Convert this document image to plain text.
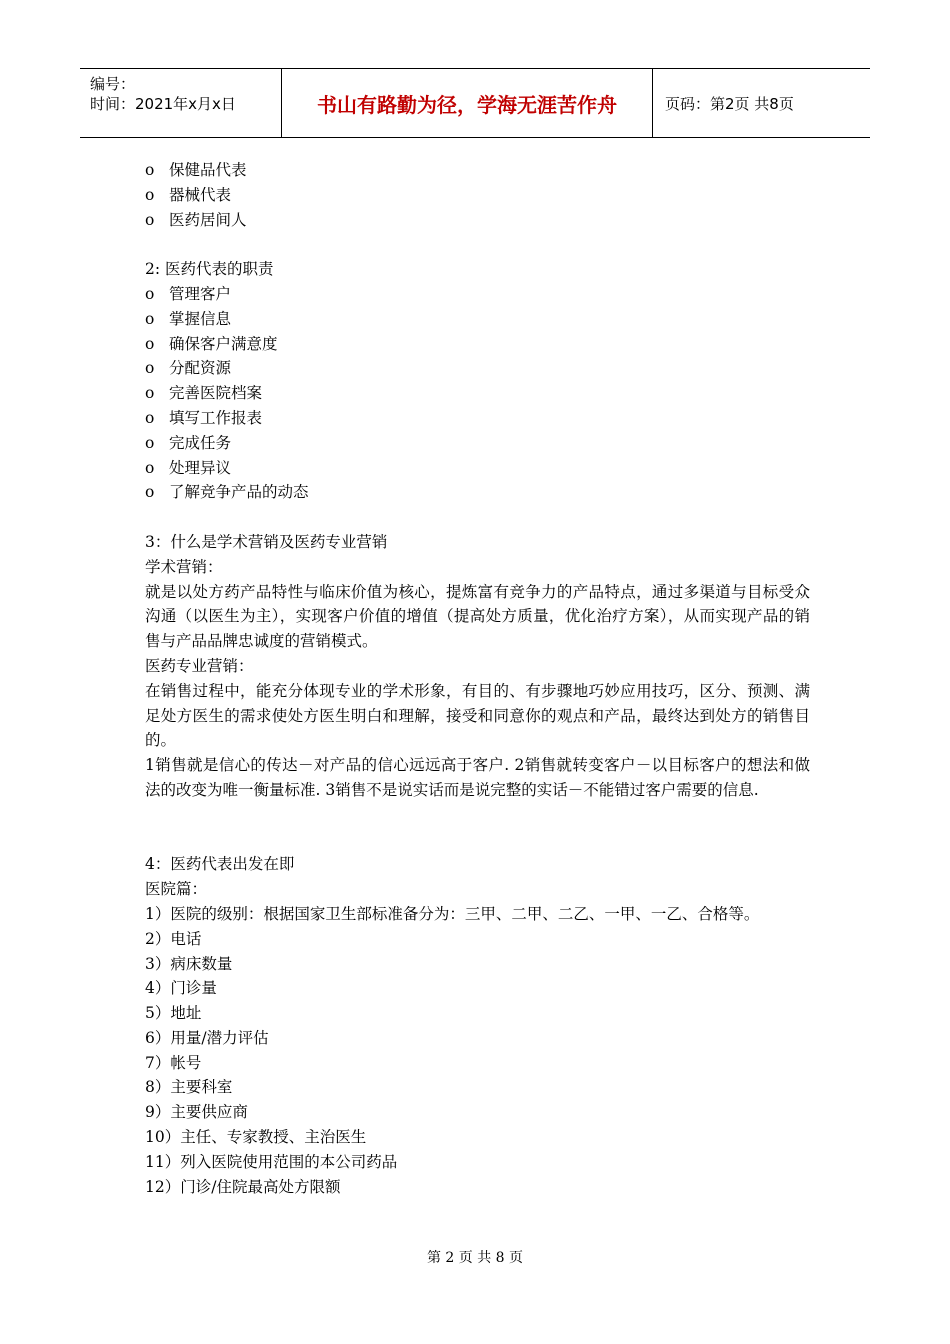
编号：
时间：2021年x月x日	书山有路勤为径，学海无涯苦作舟	页码：第2页 共8页
o 保健品代表
o 器械代表
o 医药居间人
2: 医药代表的职责
o 管理客户
o 掌握信息
o 确保客户满意度
o 分配资源
o 完善医院档案
o 填写工作报表
o 完成任务
o 处理异议
o 了解竞争产品的动态
3：什么是学术营销及医药专业营销
学术营销：
就是以处方药产品特性与临床价值为核心，提炼富有竞争力的产品特点，通过多渠道与目标受众沟通（以医生为主），实现客户价值的增值（提高处方质量，优化治疗方案），从而实现产品的销售与产品品牌忠诚度的营销模式。
医药专业营销：
在销售过程中，能充分体现专业的学术形象，有目的、有步骤地巧妙应用技巧，区分、预测、满足处方医生的需求使处方医生明白和理解，接受和同意你的观点和产品，最终达到处方的销售目的。
1销售就是信心的传达－对产品的信心远远高于客户. 2销售就转变客户－以目标客户的想法和做法的改变为唯一衡量标准. 3销售不是说实话而是说完整的实话－不能错过客户需要的信息.
4：医药代表出发在即
医院篇：
1）医院的级别：根据国家卫生部标准备分为：三甲、二甲、二乙、一甲、一乙、合格等。
2）电话
3）病床数量
4）门诊量
5）地址
6）用量/潜力评估
7）帐号
8）主要科室
9）主要供应商
10）主任、专家教授、主治医生
11）列入医院使用范围的本公司药品
12）门诊/住院最高处方限额
第 2 页 共 8 页
